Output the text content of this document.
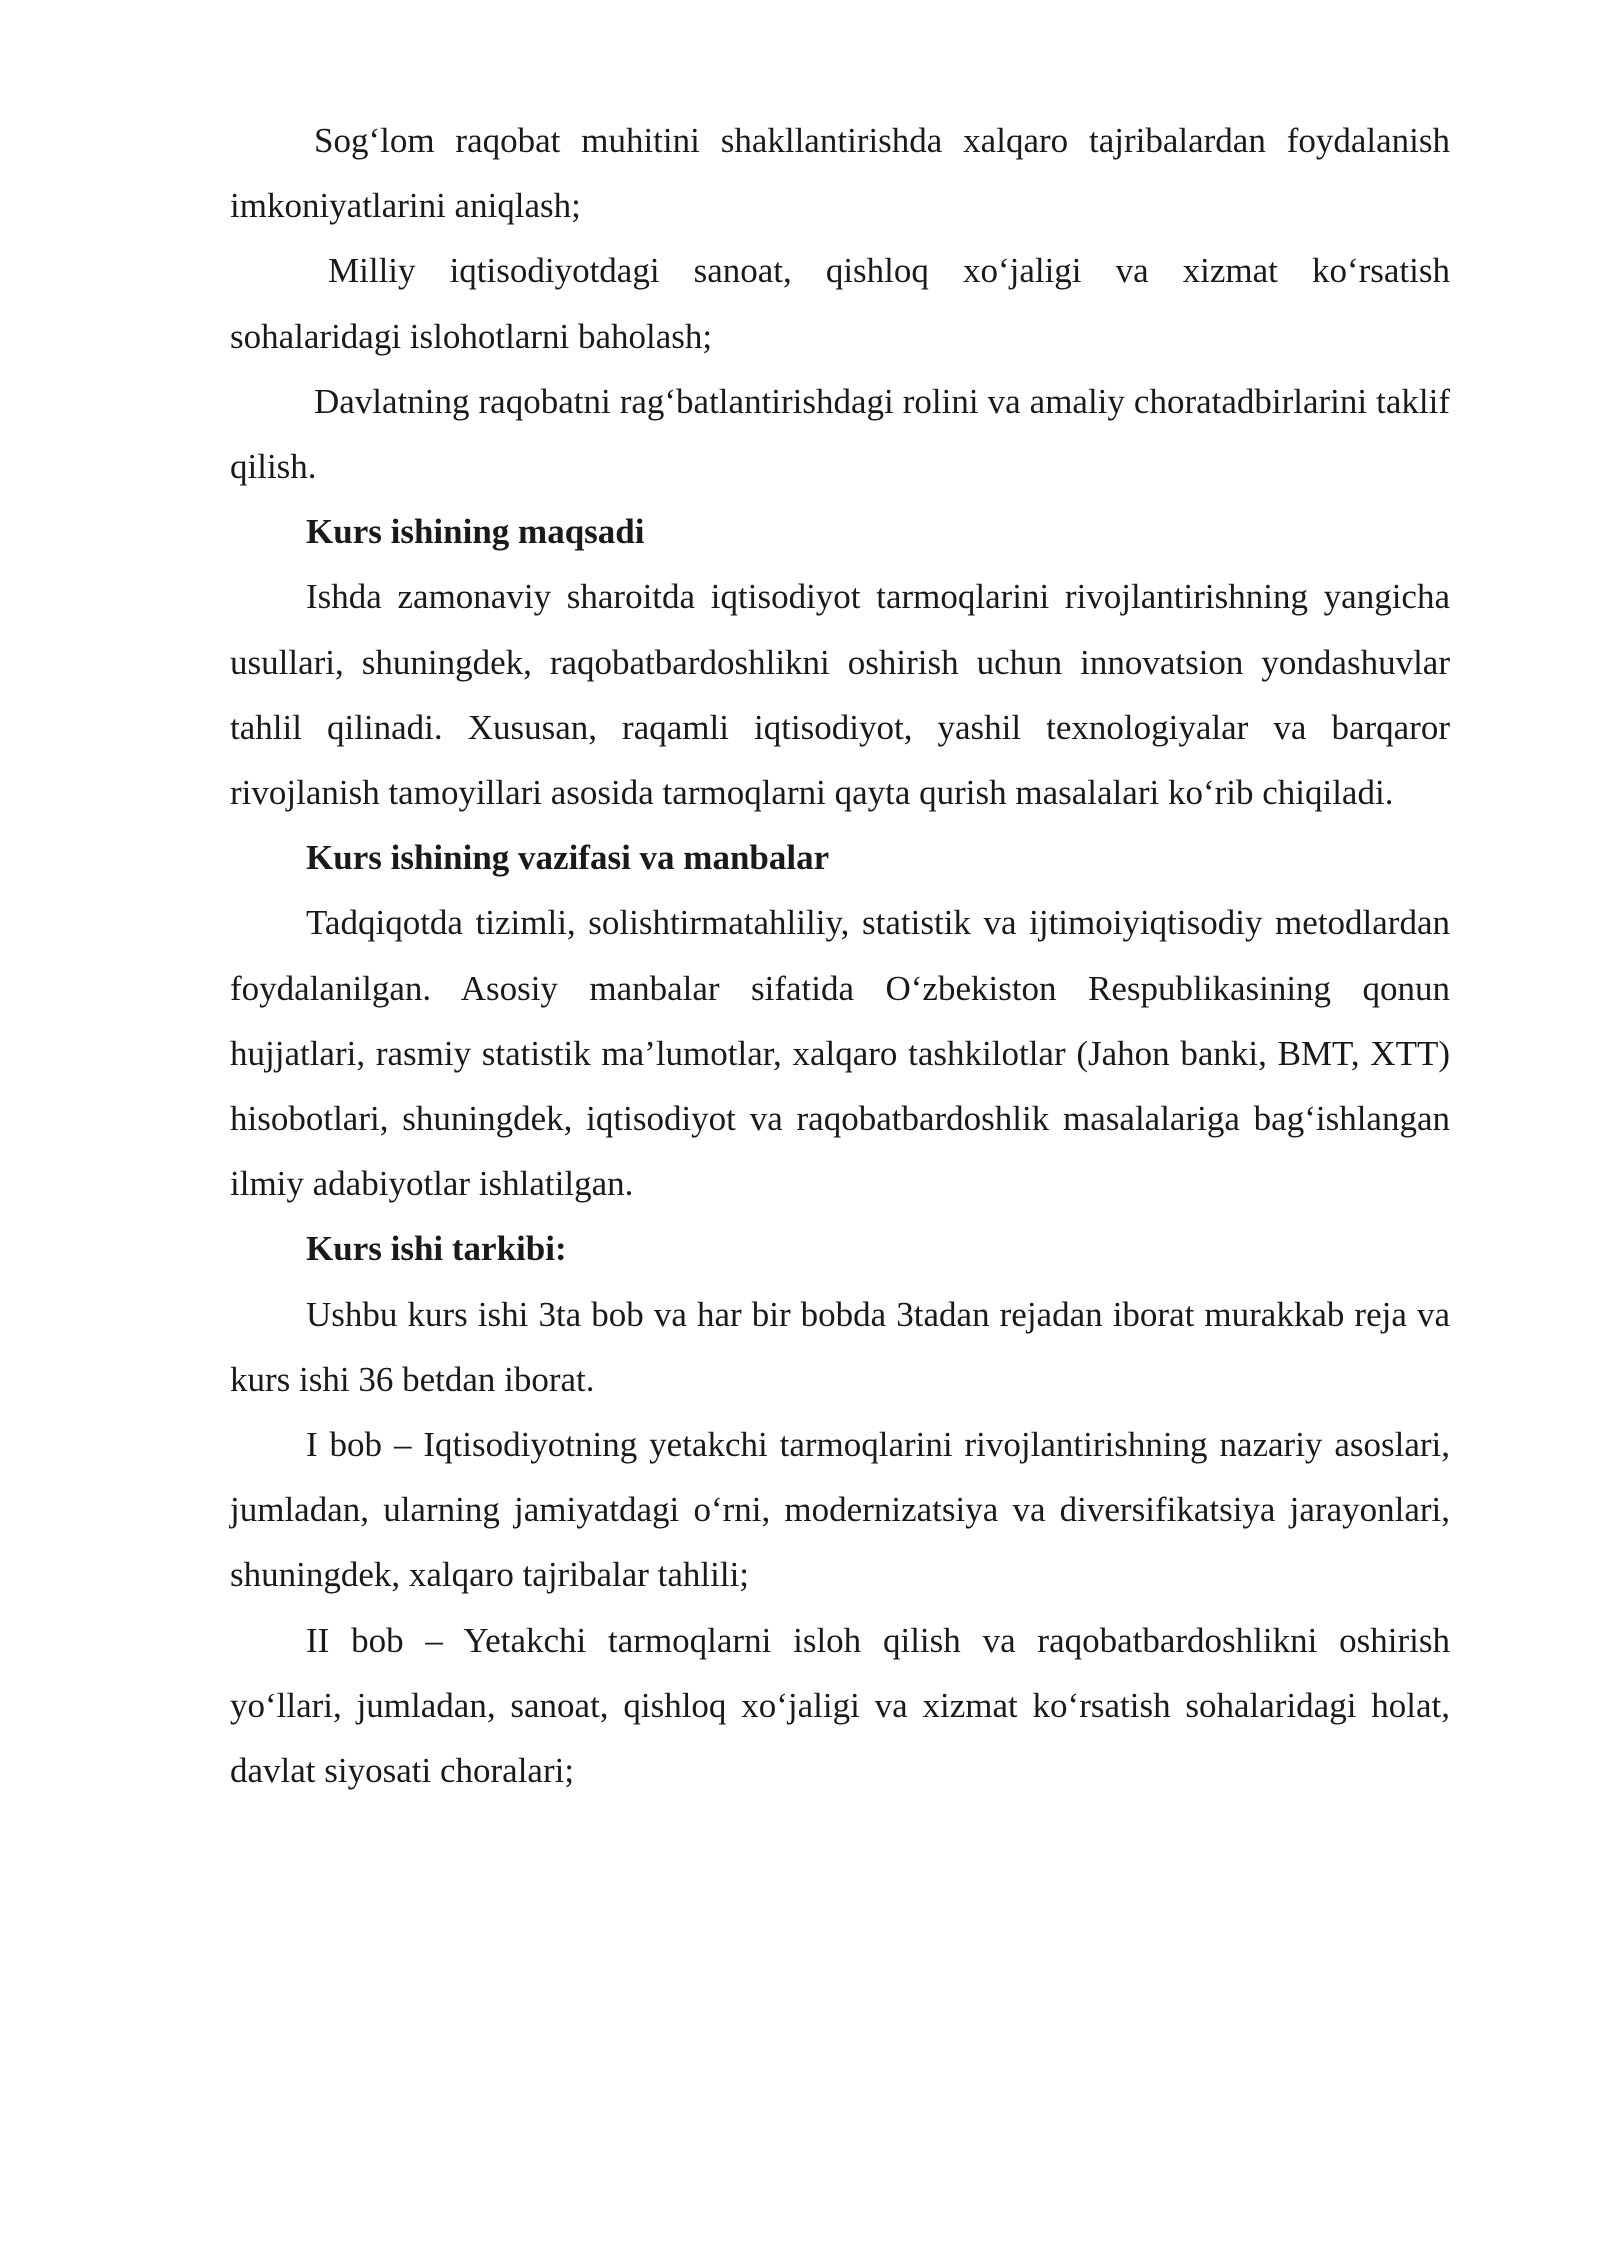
Sog‘lom raqobat muhitini shakllantirishda xalqaro tajribalardan foydalanish imkoniyatlarini aniqlash;

Milliy iqtisodiyotdagi sanoat, qishloq xo‘jaligi va xizmat ko‘rsatish sohalaridagi islohotlarni baholash;

Davlatning raqobatni rag‘batlantirishdagi rolini va amaliy choratadbirlarini taklif qilish.

Kurs ishining maqsadi

Ishda zamonaviy sharoitda iqtisodiyot tarmoqlarini rivojlantirishning yangicha usullari, shuningdek, raqobatbardoshlikni oshirish uchun innovatsion yondashuvlar tahlil qilinadi. Xususan, raqamli iqtisodiyot, yashil texnologiyalar va barqaror rivojlanish tamoyillari asosida tarmoqlarni qayta qurish masalalari ko‘rib chiqiladi.

Kurs ishining vazifasi va manbalar

Tadqiqotda tizimli, solishtirmatahliliy, statistik va ijtimoiyiqtisodiy metodlardan foydalanilgan. Asosiy manbalar sifatida O‘zbekiston Respublikasining qonun hujjatlari, rasmiy statistik ma’lumotlar, xalqaro tashkilotlar (Jahon banki, BMT, XTT) hisobotlari, shuningdek, iqtisodiyot va raqobatbardoshlik masalalariga bag‘ishlangan ilmiy adabiyotlar ishlatilgan.

Kurs ishi tarkibi:

Ushbu kurs ishi 3ta bob va har bir bobda 3tadan rejadan iborat murakkab reja va kurs ishi 36 betdan iborat.

I bob – Iqtisodiyotning yetakchi tarmoqlarini rivojlantirishning nazariy asoslari, jumladan, ularning jamiyatdagi o‘rni, modernizatsiya va diversifikatsiya jarayonlari, shuningdek, xalqaro tajribalar tahlili;

II bob – Yetakchi tarmoqlarni isloh qilish va raqobatbardoshlikni oshirish yo‘llari, jumladan, sanoat, qishloq xo‘jaligi va xizmat ko‘rsatish sohalaridagi holat, davlat siyosati choralari;
